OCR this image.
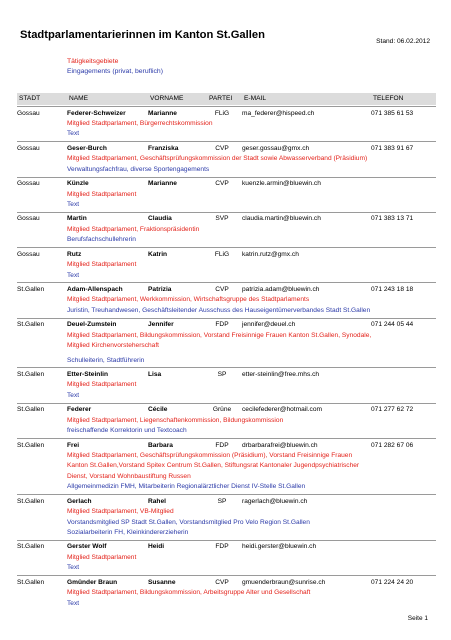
Stadtparlamentarierinnen im Kanton St.Gallen
Stand: 06.02.2012
Tätigkeitsgebiete
Eingagements (privat, beruflich)
STADT	NAME	VORNAME	PARTEI E-MAIL	TELEFON
Gossau	Federer-Schweizer	Marianne	FLiG	ma_federer@hispeed.ch	071 385 61 53
Mitglied Stadtparlament, Bürgerrechtskommission
Text
Gossau	Geser-Burch	Franziska	CVP	geser.gossau@gmx.ch	071 383 91 67
Mitglied Stadtparlament, Geschäftsprüfungskommission der Stadt sowie Abwasserverband (Präsidium)
Verwaltungsfachfrau, diverse Sportengagements
Gossau	Künzle	Marianne	CVP	kuenzle.armin@bluewin.ch
Mitglied Stadtparlament
Text
Gossau	Martin	Claudia	SVP	claudia.martin@bluewin.ch	071 383 13 71
Mitglied Stadtparlament, Fraktionspräsidentin
Berufsfachschullehrerin
Gossau	Rutz	Katrin	FLiG	katrin.rutz@gmx.ch
Mitglied Stadtparlament
Text
St.Gallen	Adam-Allenspach	Patrizia	CVP	patrizia.adam@bluewin.ch	071 243 18 18
Mitglied Stadtparlament, Werkkommission, Wirtschaftsgruppe des Stadtparlaments
Juristin, Treuhandwesen, Geschäftsleitender Ausschuss des Hauseigentümerverbandes Stadt St.Gallen
St.Gallen	Deuel-Zumstein	Jennifer	FDP	jennifer@deuel.ch	071 244 05 44
Mitglied Stadtparlament, Bildungskommission, Vorstand Freisinnige Frauen Kanton St.Gallen, Synodale,
Mitglied Kirchenvorsteherschaft
Schulleiterin, Stadtführerin
St.Gallen	Etter-Steinlin	Lisa	SP	etter-steinlin@free.mhs.ch
Mitglied Stadtparlament
Text
St.Gallen	Federer	Cécile	Grüne	cecilefederer@hotmail.com	071 277 62 72
Mitglied Stadtparlament, Liegenschaftenkommission, Bildungskommission
freischaffende Korrektorin und Textcoach
St.Gallen	Frei	Barbara	FDP	drbarbarafrei@bluewin.ch	071 282 67 06
Mitglied Stadtparlament, Geschäftsprüfungskommission (Präsidium), Vorstand Freisinnige Frauen
Kanton St.Gallen,Vorstand Spitex Centrum St.Gallen, Stiftungsrat Kantonaler Jugendpsychiatrischer
Dienst, Vorstand Wohnbaustiftung Russen
Allgemeinmedizin FMH, Mitarbeiterin Regionalärztlicher Dienst IV-Stelle St.Gallen
St.Gallen	Gerlach	Rahel	SP	ragerlach@bluewin.ch
Mitglied Stadtparlament, VB-Mitglied
Vorstandsmitglied SP Stadt St.Gallen, Vorstandsmitglied Pro Velo Region St.Gallen
Sozialarbeiterin FH, Kleinkindererzieherin
St.Gallen	Gerster Wolf	Heidi	FDP	heidi.gerster@bluewin.ch
Mitglied Stadtparlament
Text
St.Gallen	Gmünder Braun	Susanne	CVP	gmuenderbraun@sunrise.ch	071 224 24 20
Mitglied Stadtparlament, Bildungskommission, Arbeitsgruppe Alter und Gesellschaft
Text
Seite 1
